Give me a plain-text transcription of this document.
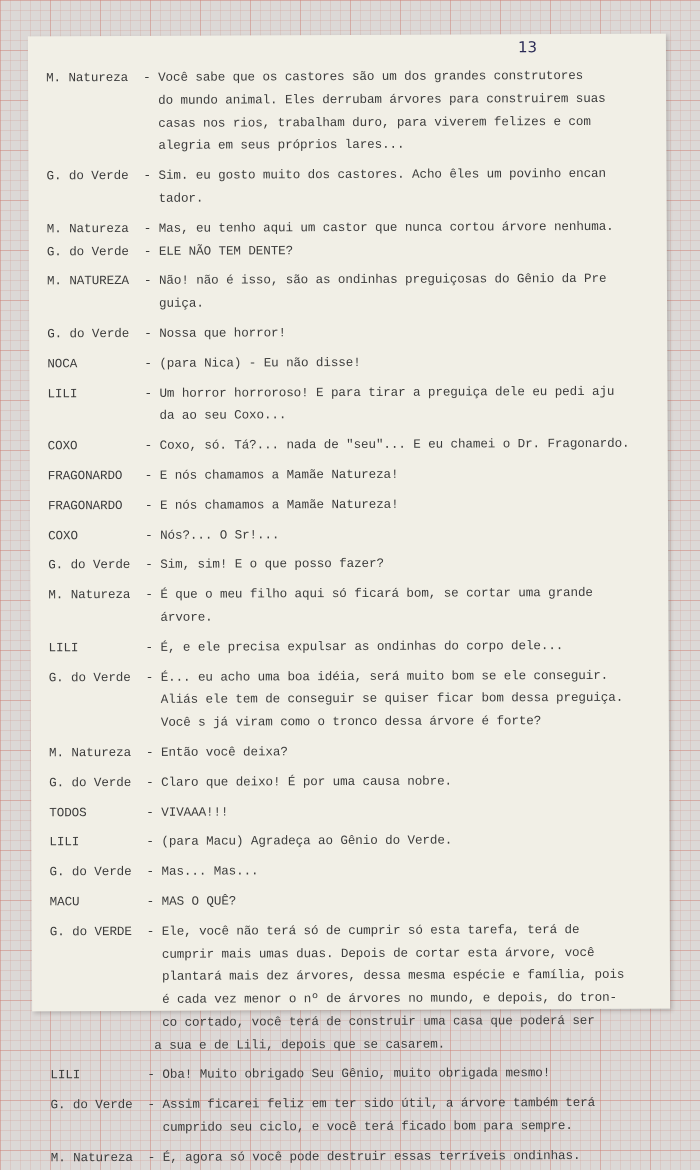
13
M. Natureza	- Você sabe que os castores são um dos grandes construtores
do mundo animal. Eles derrubam árvores para construirem suas
casas nos rios, trabalham duro, para viverem felizes e com
alegria em seus próprios lares...
G. do Verde	- Sim. eu gosto muito dos castores. Acho êles um povinho encan
tador.
M. Natureza	- Mas, eu tenho aqui um castor que nunca cortou árvore nenhuma.
G. do Verde	- ELE NÃO TEM DENTE?
M. NATUREZA	- Não! não é isso, são as ondinhas preguiçosas do Gênio da Pre
guiça.
G. do Verde	- Nossa que horror!
NOCA	- (para Nica) - Eu não disse!
LILI	- Um horror horroroso! E para tirar a preguiça dele eu pedi aju
da ao seu Coxo...
COXO	- Coxo, só. Tá?... nada de "seu"... E eu chamei o Dr. Fragonardo.
FRAGONARDO	- E nós chamamos a Mamãe Natureza!
FRAGONARDO	- E nós chamamos a Mamãe Natureza!
COXO	- Nós?... O Sr!...
G. do Verde	- Sim, sim! E o que posso fazer?
M. Natureza	- É que o meu filho aqui só ficará bom, se cortar uma grande
árvore.
LILI	- É, e ele precisa expulsar as ondinhas do corpo dele...
G. do Verde	- É... eu acho uma boa idéia, será muito bom se ele conseguir.
Aliás ele tem de conseguir se quiser ficar bom dessa preguiça.
Você s já viram como o tronco dessa árvore é forte?
M. Natureza	- Então você deixa?
G. do Verde	- Claro que deixo! É por uma causa nobre.
TODOS	- VIVAAA!!!
LILI	- (para Macu) Agradeça ao Gênio do Verde.
G. do Verde	- Mas... Mas...
MACU	- MAS O QUÊ?
G. do VERDE	- Ele, você não terá só de cumprir só esta tarefa, terá de
cumprir mais umas duas. Depois de cortar esta árvore, você
plantará mais dez árvores, dessa mesma espécie e família, pois
é cada vez menor o nº de árvores no mundo, e depois, do tron-
co cortado, você terá de construir uma casa que poderá ser
a sua e de Lili, depois que se casarem.
LILI	- Oba! Muito obrigado Seu Gênio, muito obrigada mesmo!
G. do Verde	- Assim ficarei feliz em ter sido útil, a árvore também terá
cumprido seu ciclo, e você terá ficado bom para sempre.
M. Natureza	- É, agora só você pode destruir essas terríveis ondinhas.
